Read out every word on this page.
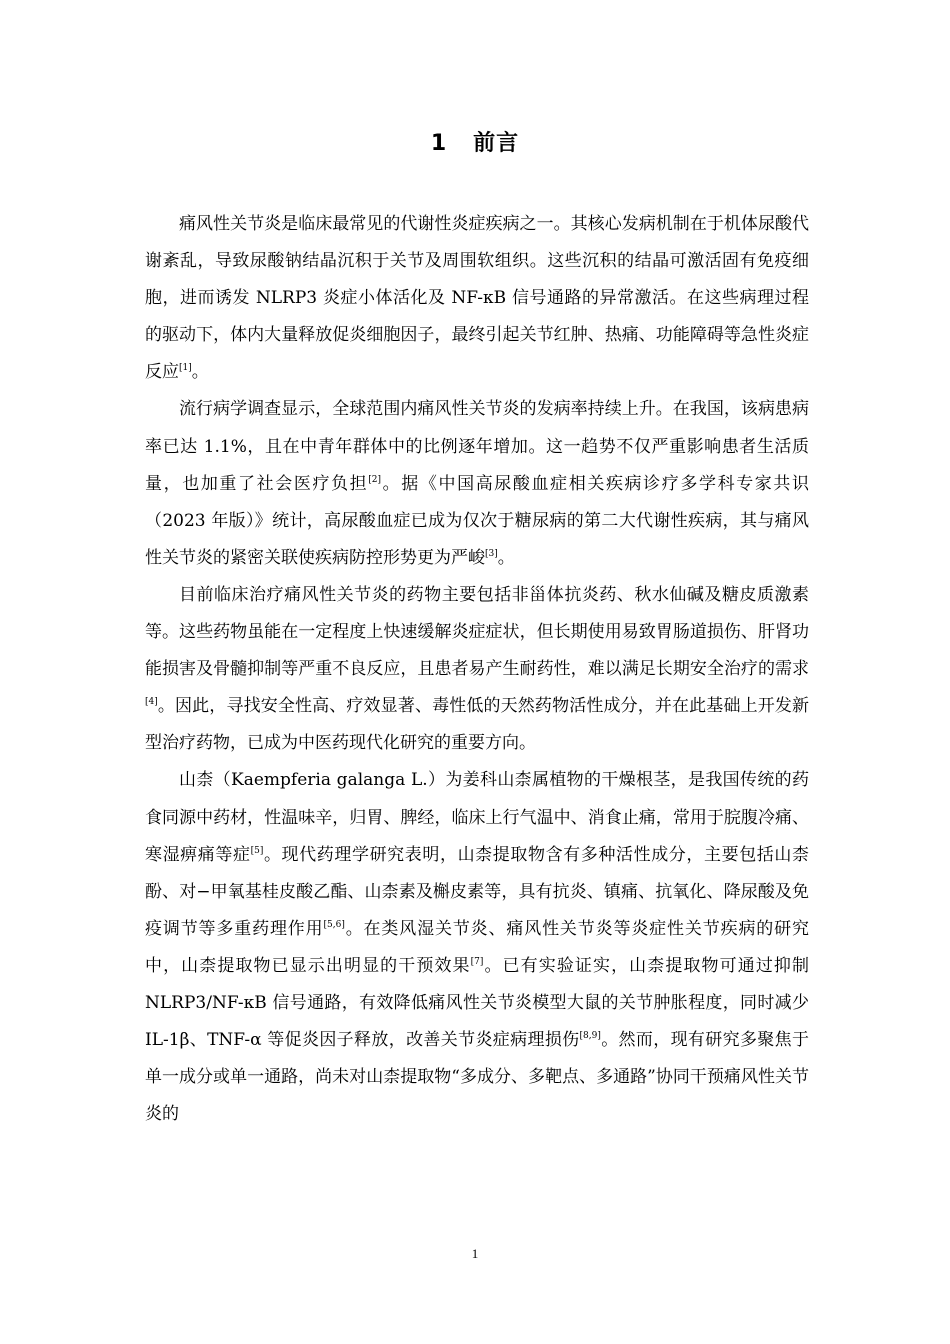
1 前言

痛风性关节炎是临床最常见的代谢性炎症疾病之一。其核心发病机制在于机体尿酸代谢紊乱，导致尿酸钠结晶沉积于关节及周围软组织。这些沉积的结晶可激活固有免疫细胞，进而诱发 NLRP3 炎症小体活化及 NF-κB 信号通路的异常激活。在这些病理过程的驱动下，体内大量释放促炎细胞因子，最终引起关节红肿、热痛、功能障碍等急性炎症反应[1]。

流行病学调查显示，全球范围内痛风性关节炎的发病率持续上升。在我国，该病患病率已达 1.1%，且在中青年群体中的比例逐年增加。这一趋势不仅严重影响患者生活质量，也加重了社会医疗负担[2]。据《中国高尿酸血症相关疾病诊疗多学科专家共识（2023 年版）》统计，高尿酸血症已成为仅次于糖尿病的第二大代谢性疾病，其与痛风性关节炎的紧密关联使疾病防控形势更为严峻[3]。

目前临床治疗痛风性关节炎的药物主要包括非甾体抗炎药、秋水仙碱及糖皮质激素等。这些药物虽能在一定程度上快速缓解炎症症状，但长期使用易致胃肠道损伤、肝肾功能损害及骨髓抑制等严重不良反应，且患者易产生耐药性，难以满足长期安全治疗的需求[4]。因此，寻找安全性高、疗效显著、毒性低的天然药物活性成分，并在此基础上开发新型治疗药物，已成为中医药现代化研究的重要方向。

山柰（Kaempferia galanga L.）为姜科山柰属植物的干燥根茎，是我国传统的药食同源中药材，性温味辛，归胃、脾经，临床上行气温中、消食止痛，常用于脘腹冷痛、寒湿痹痛等症[5]。现代药理学研究表明，山柰提取物含有多种活性成分，主要包括山柰酚、对−甲氧基桂皮酸乙酯、山柰素及槲皮素等，具有抗炎、镇痛、抗氧化、降尿酸及免疫调节等多重药理作用[5,6]。在类风湿关节炎、痛风性关节炎等炎症性关节疾病的研究中，山柰提取物已显示出明显的干预效果[7]。已有实验证实，山柰提取物可通过抑制 NLRP3/NF-κB 信号通路，有效降低痛风性关节炎模型大鼠的关节肿胀程度，同时减少 IL-1β、TNF-α 等促炎因子释放，改善关节炎症病理损伤[8,9]。然而，现有研究多聚焦于单一成分或单一通路，尚未对山柰提取物“多成分、多靶点、多通路”协同干预痛风性关节炎的

1
